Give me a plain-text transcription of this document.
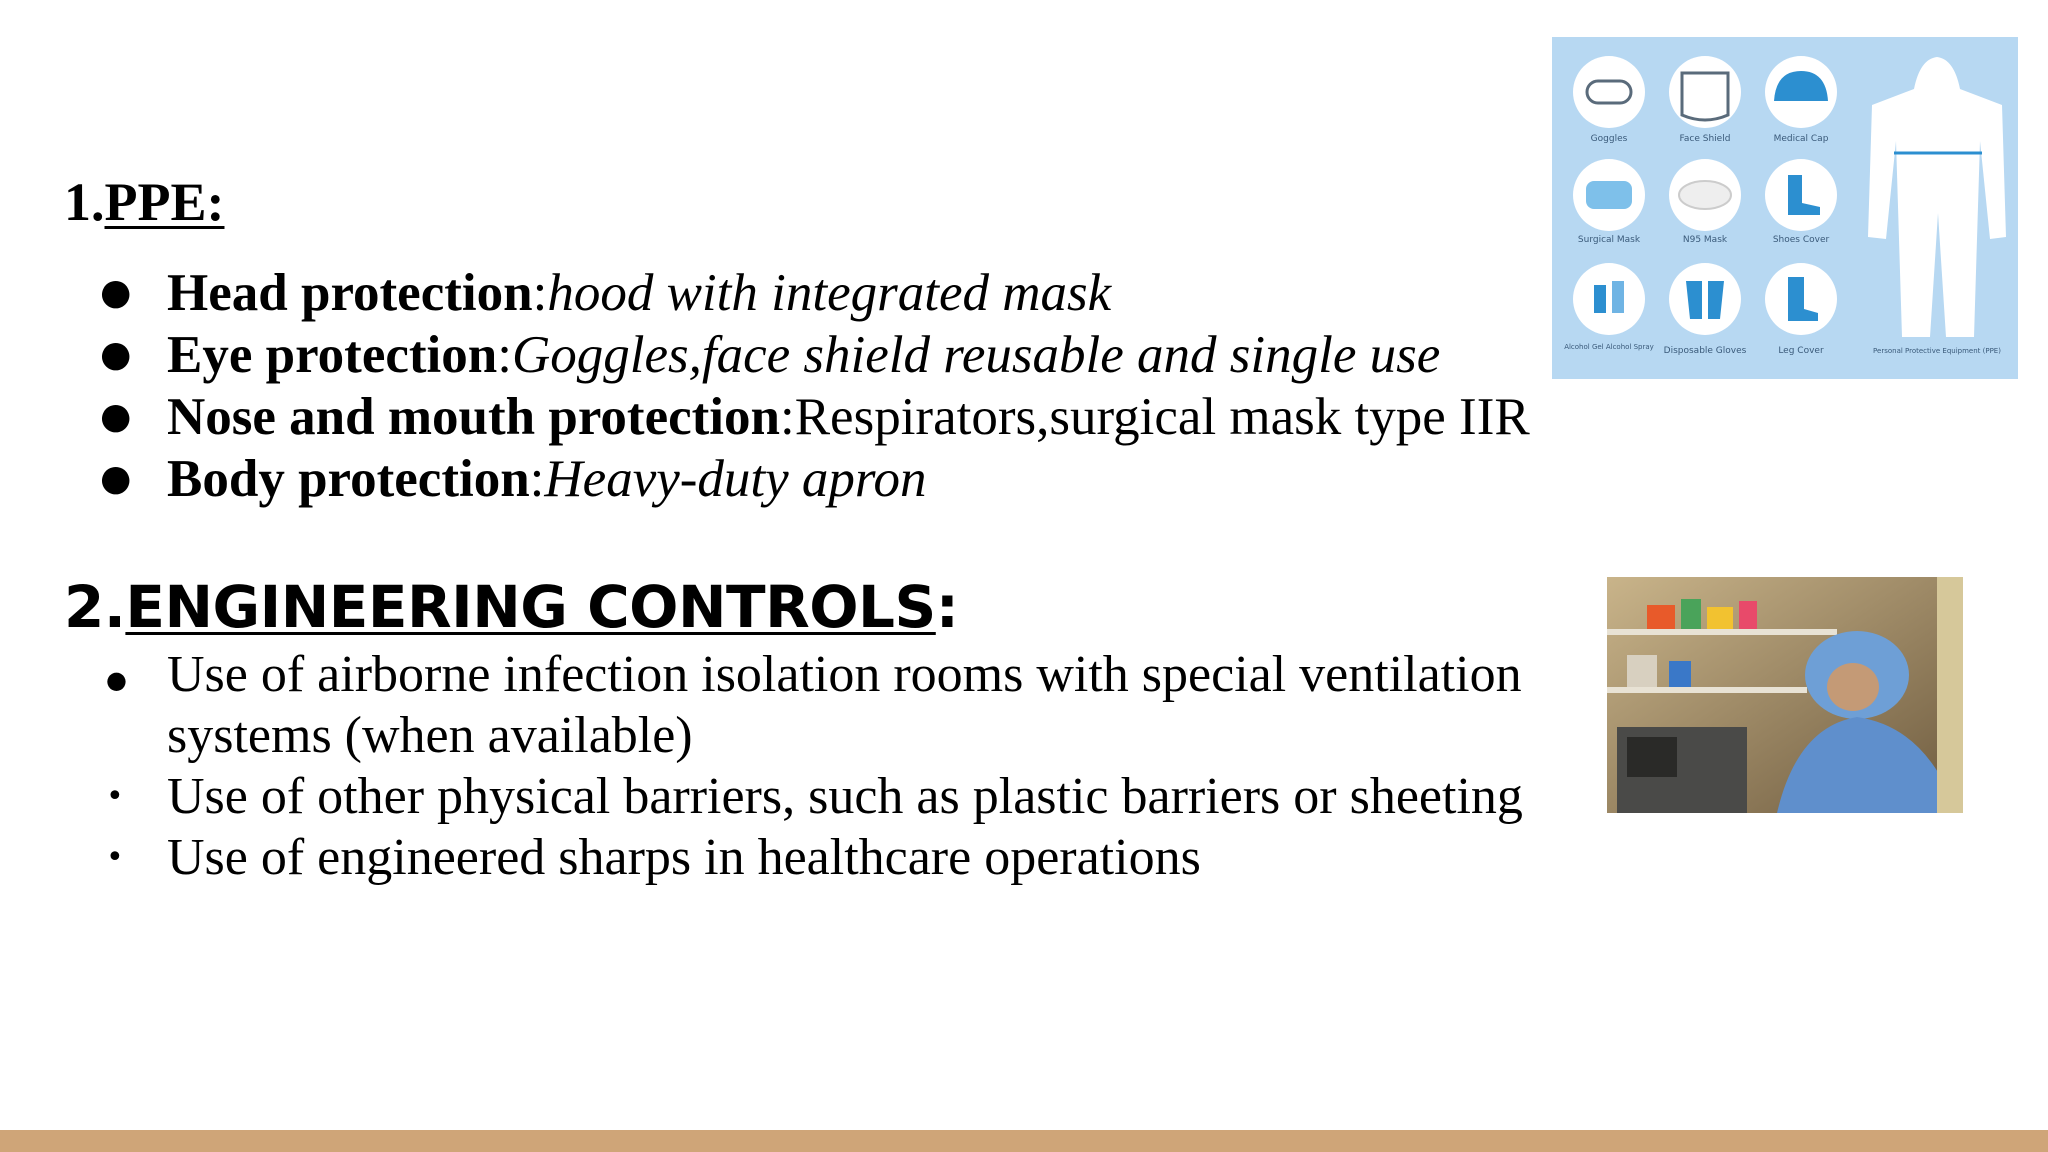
1.PPE:
● Head protection:hood with integrated mask
● Eye protection:Goggles,face shield reusable and single use
● Nose and mouth protection:Respirators,surgical mask type IIR
● Body protection:Heavy-duty apron
2.ENGINEERING CONTROLS:
● Use of airborne infection isolation rooms with special ventilation systems (when available)
• Use of other physical barriers, such as plastic barriers or sheeting
• Use of engineered sharps in healthcare operations
Goggles	Face Shield	Medical Cap
Surgical Mask	N95 Mask	Shoes Cover
Alcohol Gel Alcohol Spray Disposable Gloves	Leg Cover	Personal Protective Equipment (PPE)
